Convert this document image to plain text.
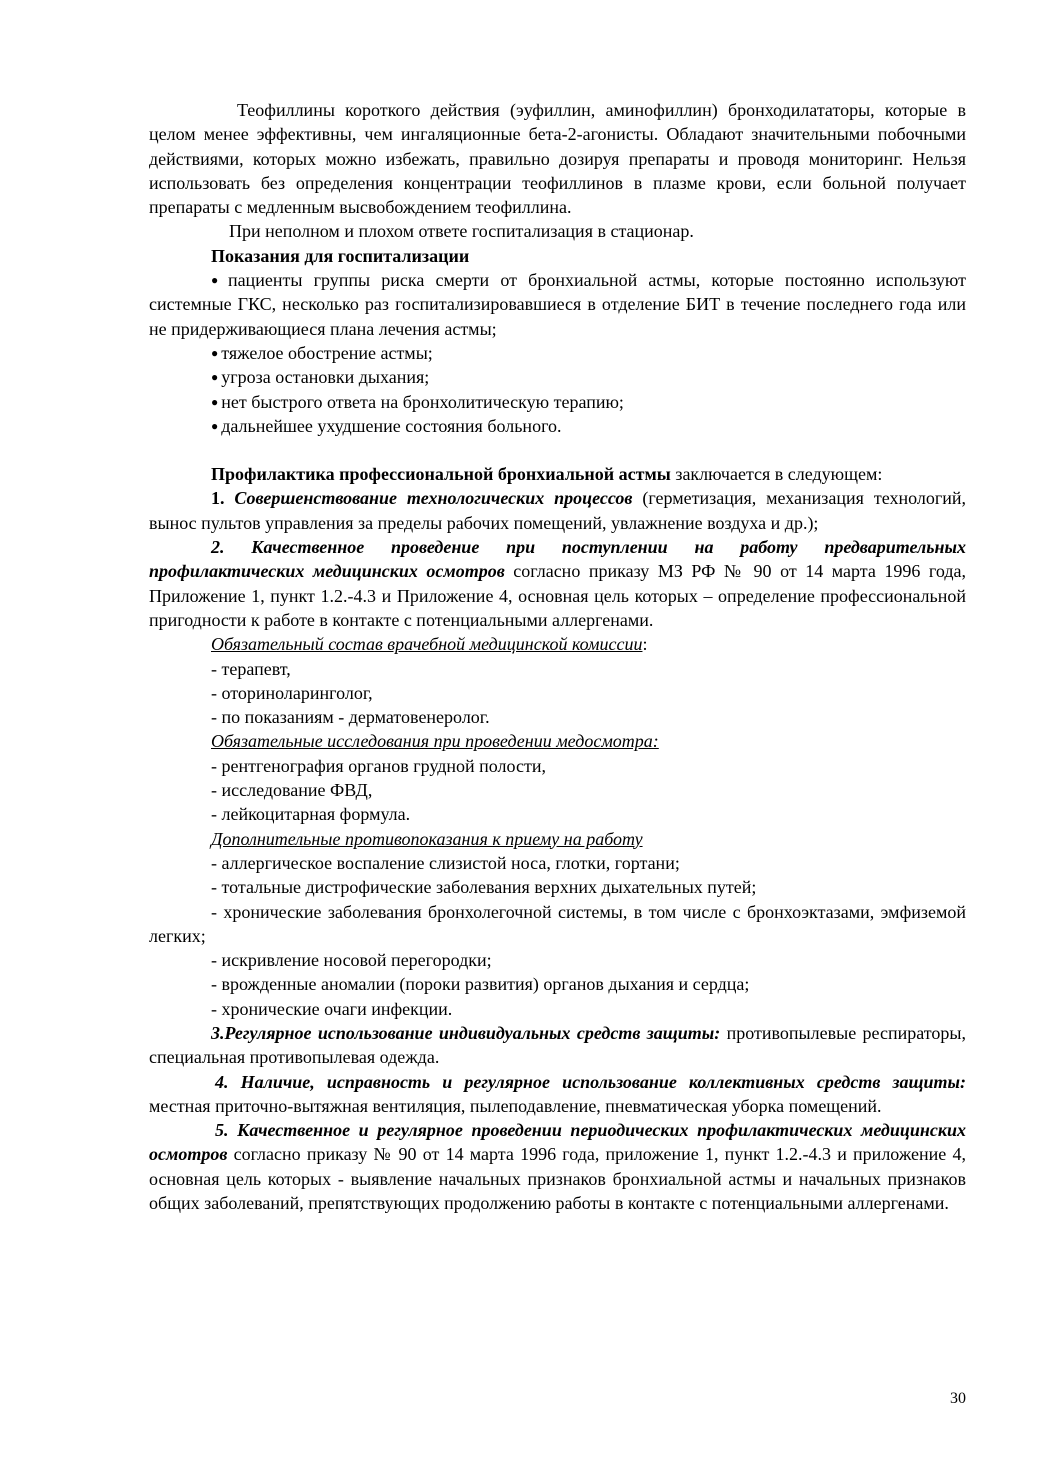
Теофиллины короткого действия (эуфиллин, аминофиллин) бронходилататоры, которые в целом менее эффективны, чем ингаляционные бета-2-агонисты. Обладают значительными побочными действиями, которых можно избежать, правильно дозируя препараты и проводя мониторинг. Нельзя использовать без определения концентрации теофиллинов в плазме крови, если больной получает препараты с медленным высвобождением теофиллина.

При неполном и плохом ответе госпитализация в стационар.

Показания для госпитализации

● пациенты группы риска смерти от бронхиальной астмы, которые постоянно используют системные ГКС, несколько раз госпитализировавшиеся в отделение БИТ в течение последнего года или не придерживающиеся плана лечения астмы;

● тяжелое обострение астмы;

● угроза остановки дыхания;

● нет быстрого ответа на бронхолитическую терапию;

● дальнейшее ухудшение состояния больного.

Профилактика профессиональной бронхиальной астмы заключается в следующем:

1. Совершенствование технологических процессов (герметизация, механизация технологий, вынос пультов управления за пределы рабочих помещений, увлажнение воздуха и др.);

2. Качественное проведение при поступлении на работу предварительных профилактических медицинских осмотров согласно приказу МЗ РФ № 90 от 14 марта 1996 года, Приложение 1, пункт 1.2.-4.3 и Приложение 4, основная цель которых – определение профессиональной пригодности к работе в контакте с потенциальными аллергенами.

Обязательный состав врачебной медицинской комиссии:

- терапевт,

- оториноларинголог,

- по показаниям - дерматовенеролог.

Обязательные исследования при проведении медосмотра:

- рентгенография органов грудной полости,

- исследование ФВД,

- лейкоцитарная формула.

Дополнительные противопоказания к приему на работу

- аллергическое воспаление слизистой носа, глотки, гортани;

- тотальные дистрофические заболевания верхних дыхательных путей;

- хронические заболевания бронхолегочной системы, в том числе с бронхоэктазами, эмфиземой легких;

- искривление носовой перегородки;

- врожденные аномалии (пороки развития) органов дыхания и сердца;

- хронические очаги инфекции.

3.Регулярное использование индивидуальных средств защиты: противопылевые респираторы, специальная противопылевая одежда.

4. Наличие, исправность и регулярное использование коллективных средств защиты: местная приточно-вытяжная вентиляция, пылеподавление, пневматическая уборка помещений.

5. Качественное и регулярное проведении периодических профилактических медицинских осмотров согласно приказу № 90 от 14 марта 1996 года, приложение 1, пункт 1.2.-4.3 и приложение 4, основная цель которых - выявление начальных признаков бронхиальной астмы и начальных признаков общих заболеваний, препятствующих продолжению работы в контакте с потенциальными аллергенами.

30
